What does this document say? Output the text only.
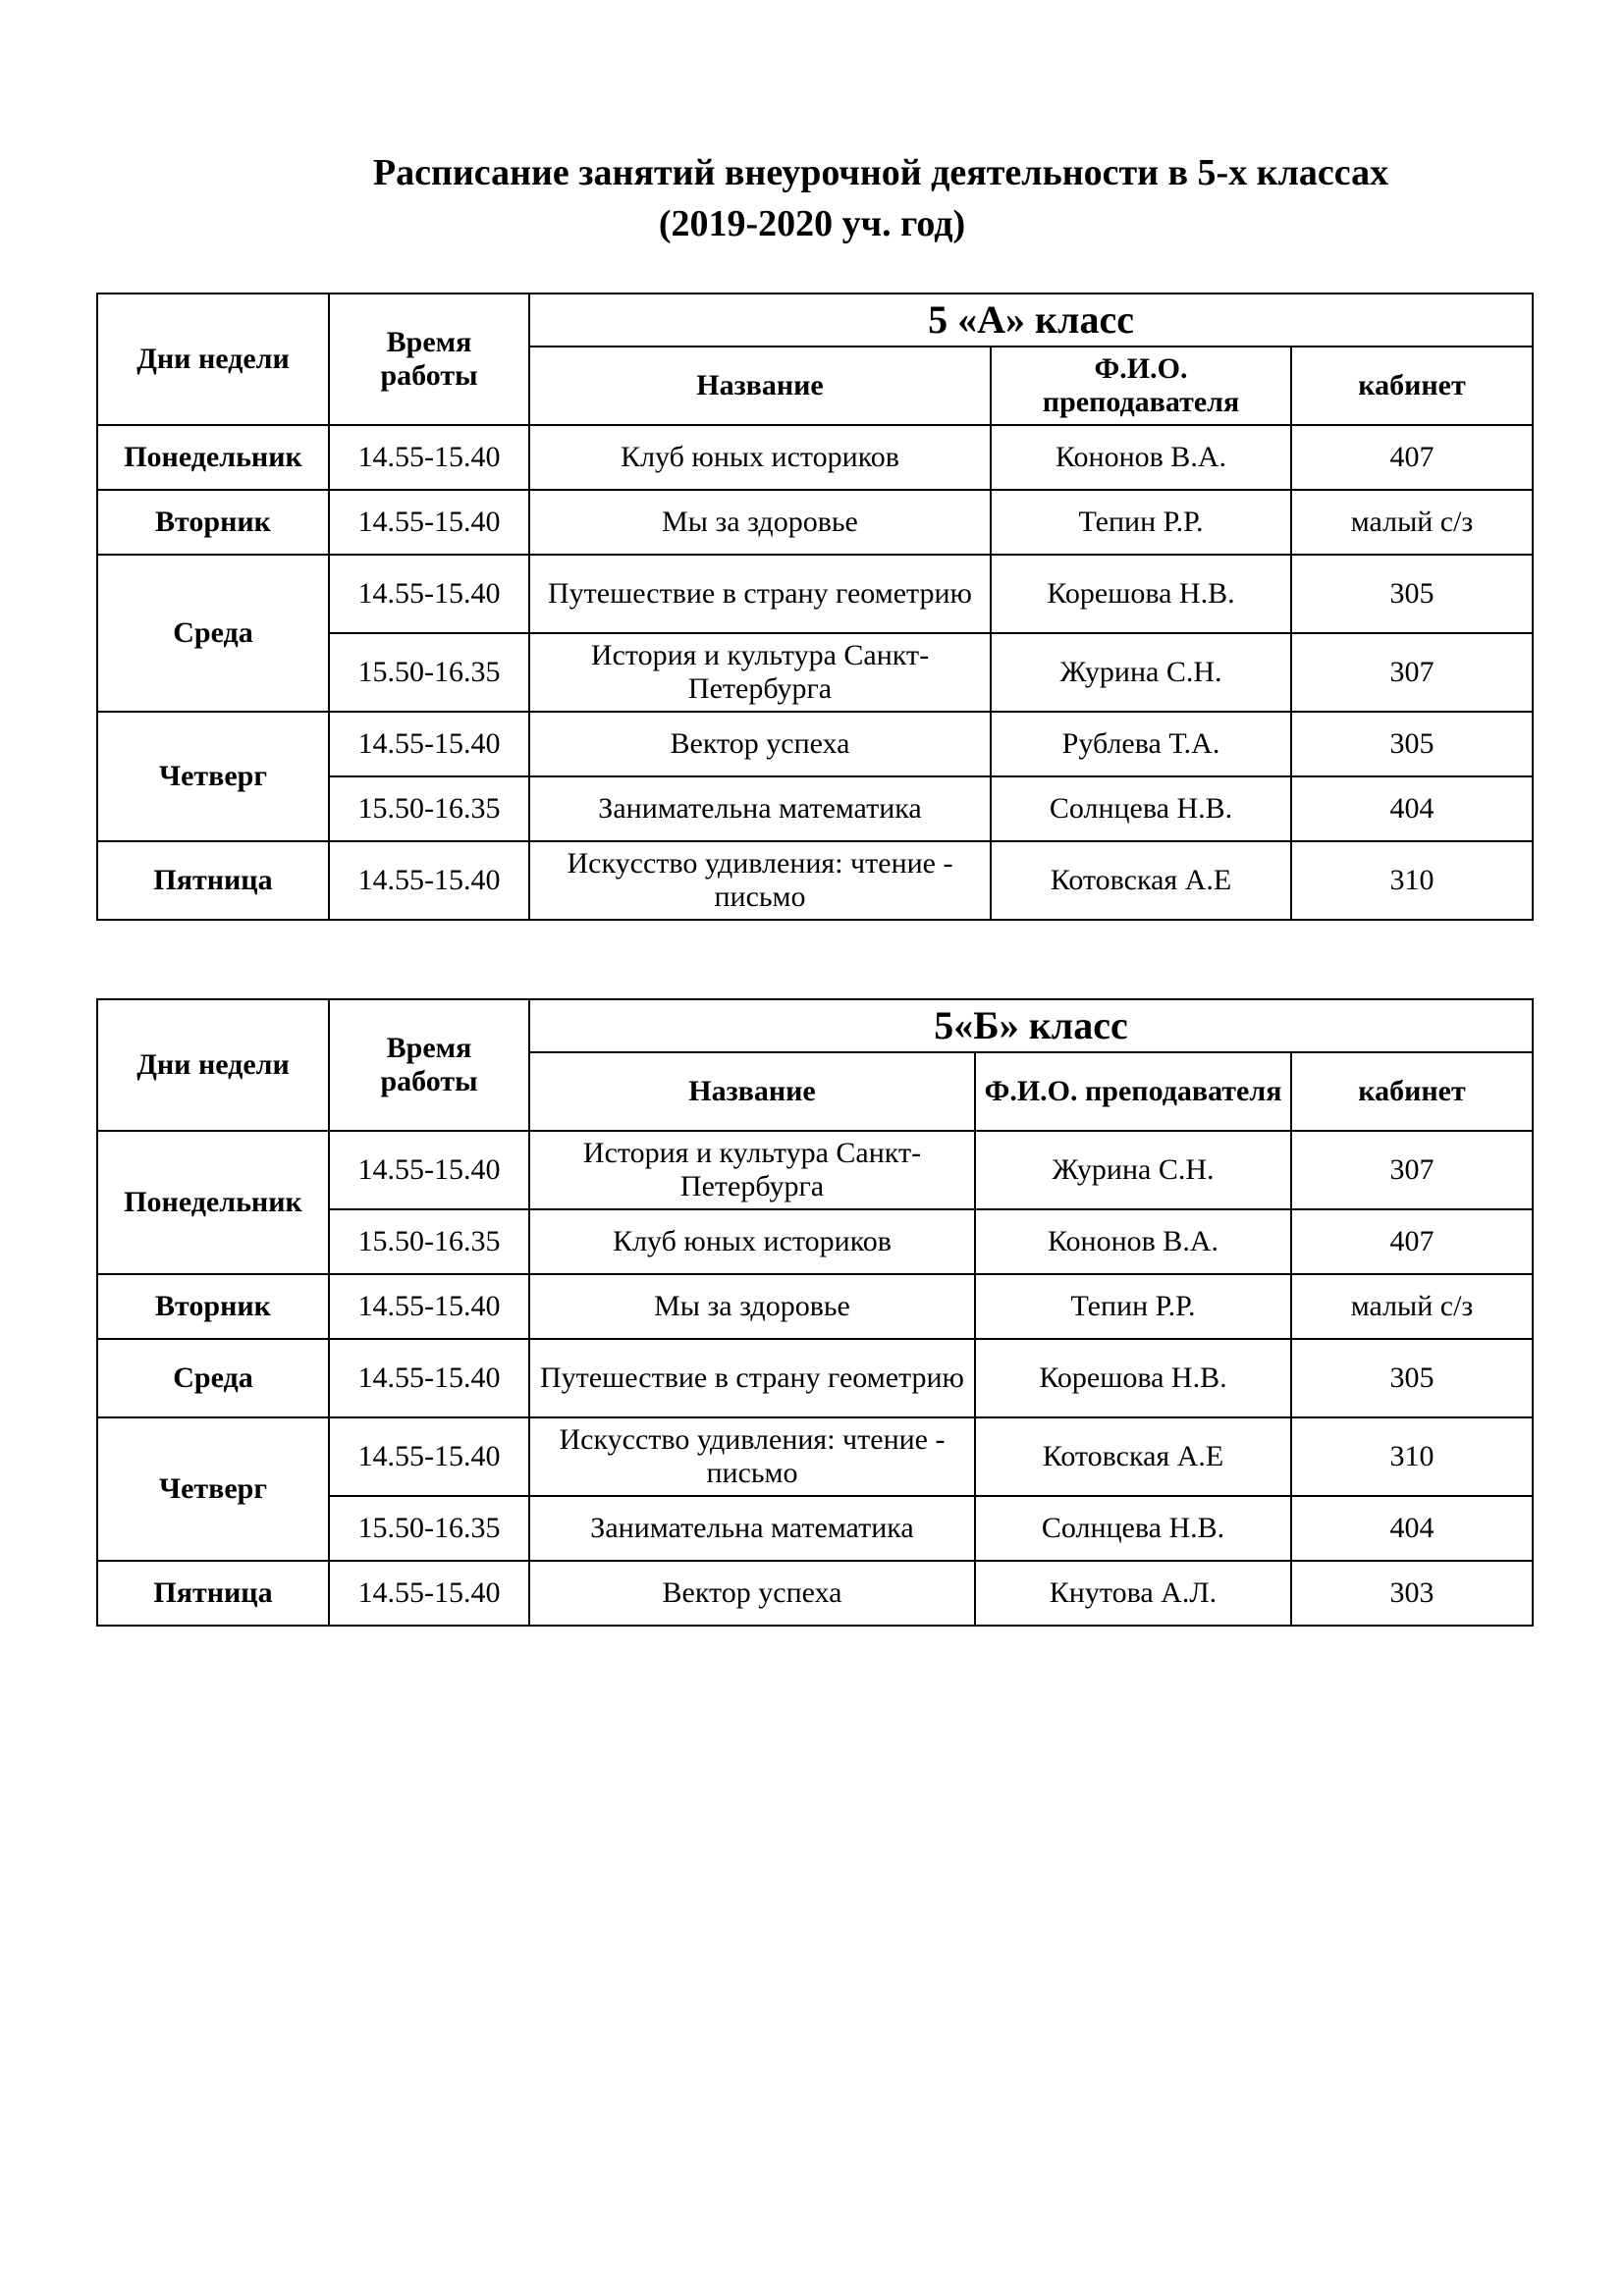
Расписание занятий внеурочной деятельности в 5-х классах
(2019-2020 уч. год)
Дни недели	Время работы	5 «А» класс		
		Название	Ф.И.О. преподавателя	кабинет
Понедельник	14.55-15.40	Клуб юных историков	Кононов В.А.	407
Вторник	14.55-15.40	Мы за здоровье	Тепин Р.Р.	малый с/з
Среда	14.55-15.40	Путешествие в страну геометрию	Корешова Н.В.	305
	15.50-16.35	История и культура Санкт-Петербурга	Журина С.Н.	307
Четверг	14.55-15.40	Вектор успеха	Рублева Т.А.	305
	15.50-16.35	Занимательна математика	Солнцева Н.В.	404
Пятница	14.55-15.40	Искусство удивления: чтение - письмо	Котовская А.Е	310
Дни недели	Время работы	5«Б» класс		
		Название	Ф.И.О. преподавателя	кабинет
Понедельник	14.55-15.40	История и культура Санкт-Петербурга	Журина С.Н.	307
	15.50-16.35	Клуб юных историков	Кононов В.А.	407
Вторник	14.55-15.40	Мы за здоровье	Тепин Р.Р.	малый с/з
Среда	14.55-15.40	Путешествие в страну геометрию	Корешова Н.В.	305
Четверг	14.55-15.40	Искусство удивления: чтение - письмо	Котовская А.Е	310
	15.50-16.35	Занимательна математика	Солнцева Н.В.	404
Пятница	14.55-15.40	Вектор успеха	Кнутова А.Л.	303
